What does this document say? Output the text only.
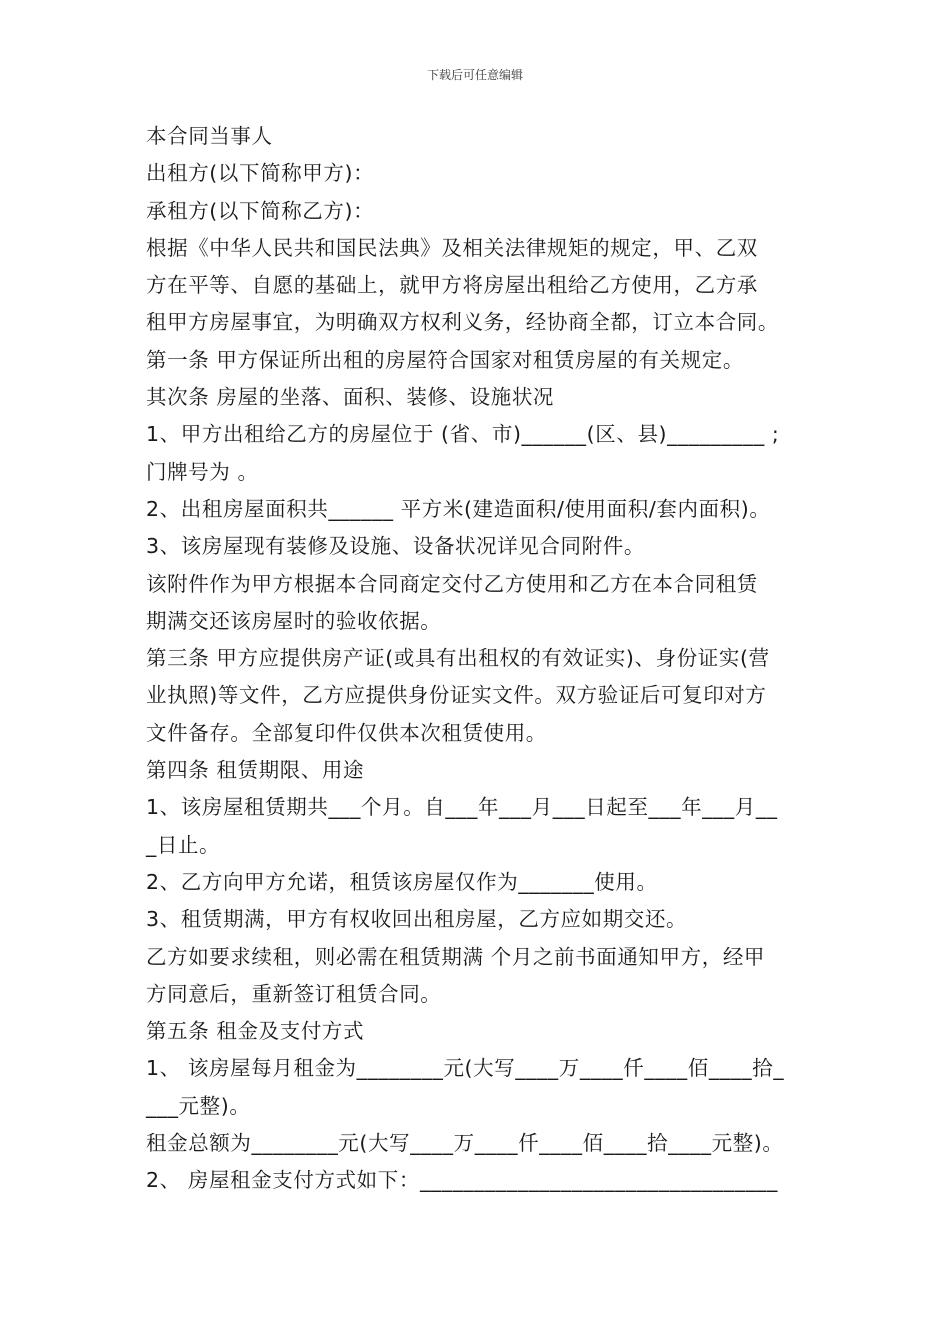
下载后可任意编辑
本合同当事人
出租方(以下简称甲方)：
承租方(以下简称乙方)：
根据《中华人民共和国民法典》及相关法律规矩的规定，甲、乙双
方在平等、自愿的基础上，就甲方将房屋出租给乙方使用，乙方承
租甲方房屋事宜，为明确双方权利义务，经协商全都，订立本合同。
第一条 甲方保证所出租的房屋符合国家对租赁房屋的有关规定。
其次条 房屋的坐落、面积、装修、设施状况
1、甲方出租给乙方的房屋位于 (省、市)______(区、县)_________ ;
门牌号为 。
2、出租房屋面积共______ 平方米(建造面积/使用面积/套内面积)。
3、该房屋现有装修及设施、设备状况详见合同附件。
该附件作为甲方根据本合同商定交付乙方使用和乙方在本合同租赁
期满交还该房屋时的验收依据。
第三条 甲方应提供房产证(或具有出租权的有效证实)、身份证实(营
业执照)等文件，乙方应提供身份证实文件。双方验证后可复印对方
文件备存。全部复印件仅供本次租赁使用。
第四条 租赁期限、用途
1、该房屋租赁期共___个月。自___年___月___日起至___年___月__
_日止。
2、乙方向甲方允诺，租赁该房屋仅作为_______使用。
3、租赁期满，甲方有权收回出租房屋，乙方应如期交还。
乙方如要求续租，则必需在租赁期满 个月之前书面通知甲方，经甲
方同意后，重新签订租赁合同。
第五条 租金及支付方式
1、 该房屋每月租金为________元(大写____万____仟____佰____拾_
___元整)。
租金总额为________元(大写____万____仟____佰____拾____元整)。
2、 房屋租金支付方式如下：_________________________________
